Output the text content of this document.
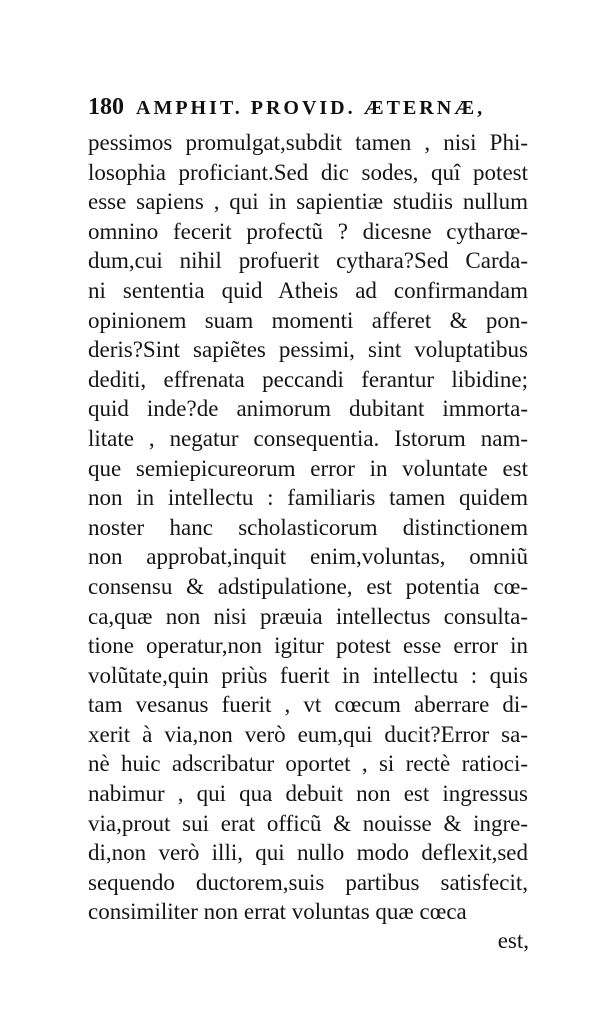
180 AMPHIT. PROVID. ÆTERNÆ,
pessimos promulgat,subdit tamen , nisi Phi-
losophia proficiant.Sed dic sodes, quî potest
esse sapiens , qui in sapientiæ studiis nullum
omnino fecerit profectũ ? dicesne cytharœ-
dum,cui nihil profuerit cythara?Sed Carda-
ni sententia quid Atheis ad confirmandam
opinionem suam momenti afferet & pon-
deris?Sint sapiẽtes pessimi, sint voluptatibus
dediti, effrenata peccandi ferantur libidine;
quid inde?de animorum dubitant immorta-
litate , negatur consequentia. Istorum nam-
que semiepicureorum error in voluntate est
non in intellectu : familiaris tamen quidem
noster hanc scholasticorum distinctionem
non approbat,inquit enim,voluntas, omniũ
consensu & adstipulatione, est potentia cœ-
ca,quæ non nisi præuia intellectus consulta-
tione operatur,non igitur potest esse error in
volũtate,quin priùs fuerit in intellectu : quis
tam vesanus fuerit , vt cœcum aberrare di-
xerit à via,non verò eum,qui ducit?Error sa-
nè huic adscribatur oportet , si rectè ratioci-
nabimur , qui qua debuit non est ingressus
via,prout sui erat officũ & nouisse & ingre-
di,non verò illi, qui nullo modo deflexit,sed
sequendo ductorem,suis partibus satisfecit,
consimiliter non errat voluntas quæ cœca
est,
